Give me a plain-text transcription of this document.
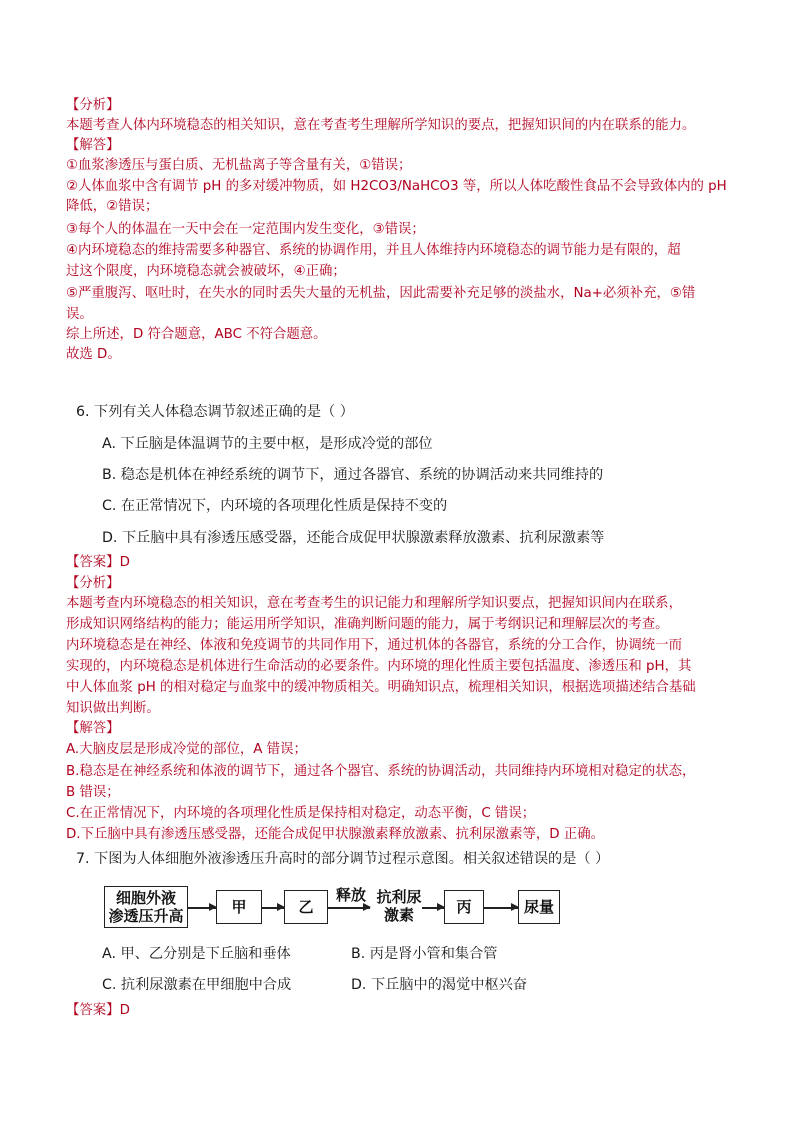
【分析】
本题考查人体内环境稳态的相关知识，意在考查考生理解所学知识的要点，把握知识间的内在联系的能力。
【解答】
①血浆渗透压与蛋白质、无机盐离子等含量有关，①错误；
②人体血浆中含有调节 pH 的多对缓冲物质，如 H2CO3/NaHCO3 等，所以人体吃酸性食品不会导致体内的 pH
降低，②错误；
③每个人的体温在一天中会在一定范围内发生变化，③错误；
④内环境稳态的维持需要多种器官、系统的协调作用，并且人体维持内环境稳态的调节能力是有限的，超
过这个限度，内环境稳态就会被破坏，④正确；
⑤严重腹泻、呕吐时，在失水的同时丢失大量的无机盐，因此需要补充足够的淡盐水，Na+必须补充，⑤错
误。
综上所述，D 符合题意，ABC 不符合题意。
故选 D。
6. 下列有关人体稳态调节叙述正确的是（ ）
A. 下丘脑是体温调节的主要中枢，是形成冷觉的部位
B. 稳态是机体在神经系统的调节下，通过各器官、系统的协调活动来共同维持的
C. 在正常情况下，内环境的各项理化性质是保持不变的
D. 下丘脑中具有渗透压感受器，还能合成促甲状腺激素释放激素、抗利尿激素等
【答案】D
【分析】
本题考查内环境稳态的相关知识，意在考查考生的识记能力和理解所学知识要点，把握知识间内在联系，
形成知识网络结构的能力；能运用所学知识，准确判断问题的能力，属于考纲识记和理解层次的考查。
内环境稳态是在神经、体液和免疫调节的共同作用下，通过机体的各器官，系统的分工合作，协调统一而
实现的，内环境稳态是机体进行生命活动的必要条件。内环境的理化性质主要包括温度、渗透压和 pH，其
中人体血浆 pH 的相对稳定与血浆中的缓冲物质相关。明确知识点，梳理相关知识，根据选项描述结合基础
知识做出判断。
【解答】
A.大脑皮层是形成冷觉的部位，A 错误；
B.稳态是在神经系统和体液的调节下，通过各个器官、系统的协调活动，共同维持内环境相对稳定的状态，
B 错误；
C.在正常情况下，内环境的各项理化性质是保持相对稳定，动态平衡，C 错误；
D.下丘脑中具有渗透压感受器，还能合成促甲状腺激素释放激素、抗利尿激素等，D 正确。
7. 下图为人体细胞外液渗透压升高时的部分调节过程示意图。相关叙述错误的是（ ）
细胞外液
渗透压升高	甲	乙
释放 抗利尿
激素	丙	尿量
A. 甲、乙分别是下丘脑和垂体	B. 丙是肾小管和集合管
C. 抗利尿激素在甲细胞中合成	D. 下丘脑中的渴觉中枢兴奋
【答案】D
